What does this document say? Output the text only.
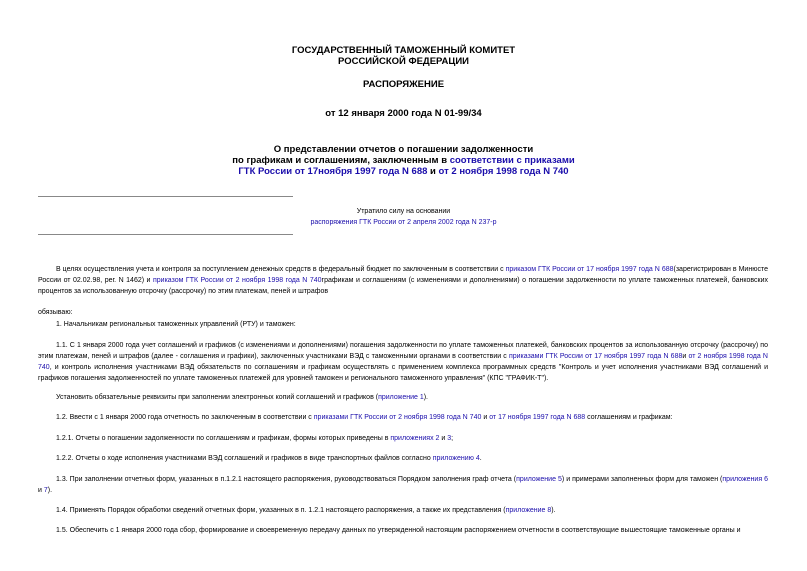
ГОСУДАРСТВЕННЫЙ ТАМОЖЕННЫЙ КОМИТЕТ
РОССИЙСКОЙ ФЕДЕРАЦИИ
РАСПОРЯЖЕНИЕ
от 12 января 2000 года N 01-99/34
О представлении отчетов о погашении задолженности
по графикам и соглашениям, заключенным в соответствии с приказами
ГТК России от 17ноября 1997 года N 688 и от 2 ноября 1998 года N 740
Утратило силу на основании
распоряжения ГТК России от 2 апреля 2002 года N 237-р

В целях осуществления учета и контроля за поступлением денежных средств в федеральный бюджет по заключенным в соответствии с приказом ГТК России от 17 ноября 1997 года N 688(зарегистрирован в Минюсте России от 02.02.98, рег. N 1462) и приказом ГТК России от 2 ноября 1998 года N 740графикам и соглашениям (с изменениями и дополнениями) о погашении задолженности по уплате таможенных платежей, банковских процентов за использованную отсрочку (рассрочку) по этим платежам, пеней и штрафов

обязываю:

1. Начальникам региональных таможенных управлений (РТУ) и таможен:

1.1. С 1 января 2000 года учет соглашений и графиков (с изменениями и дополнениями) погашения задолженности по уплате таможенных платежей, банковских процентов за использованную отсрочку (рассрочку) по этим платежам, пеней и штрафов (далее - соглашения и графики), заключенных участниками ВЭД с таможенными органами в соответствии с приказами ГТК России от 17 ноября 1997 года N 688и от 2 ноября 1998 года N 740, и контроль исполнения участниками ВЭД обязательств по соглашениям и графикам осуществлять с применением комплекса программных средств "Контроль и учет исполнения участниками ВЭД соглашений и графиков погашения задолженностей по уплате таможенных платежей для уровней таможен и регионального таможенного управления" (КПС "ГРАФИК-Т").

Установить обязательные реквизиты при заполнении электронных копий соглашений и графиков (приложение 1).

1.2. Ввести с 1 января 2000 года отчетность по заключенным в соответствии с приказами ГТК России от 2 ноября 1998 года N 740 и от 17 ноября 1997 года N 688 соглашениям и графикам:

1.2.1. Отчеты о погашении задолженности по соглашениям и графикам, формы которых приведены в приложениях 2 и 3;

1.2.2. Отчеты о ходе исполнения участниками ВЭД соглашений и графиков в виде транспортных файлов согласно приложению 4.

1.3. При заполнении отчетных форм, указанных в п.1.2.1 настоящего распоряжения, руководствоваться Порядком заполнения граф отчета (приложение 5) и примерами заполненных форм для таможен (приложения 6 и 7).

1.4. Применять Порядок обработки сведений отчетных форм, указанных в п. 1.2.1 настоящего распоряжения, а также их представления (приложение 8).

1.5. Обеспечить с 1 января 2000 года сбор, формирование и своевременную передачу данных по утвержденной настоящим распоряжением отчетности в соответствующие вышестоящие таможенные органы и
